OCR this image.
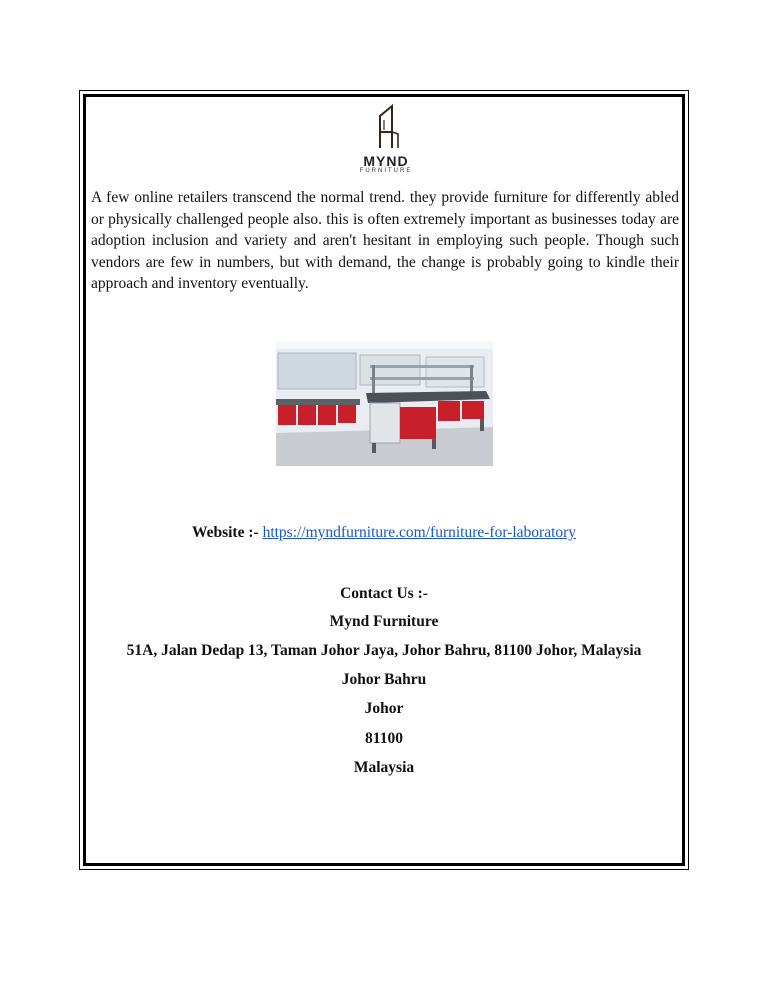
MYND
FURNITURE

A few online retailers transcend the normal trend. they provide furniture for differently abled or physically challenged people also. this is often extremely important as businesses today are adoption inclusion and variety and aren't hesitant in employing such people. Though such vendors are few in numbers, but with demand, the change is probably going to kindle their approach and inventory eventually.

Website :- https://myndfurniture.com/furniture-for-laboratory
Contact Us :-
Mynd Furniture
51A, Jalan Dedap 13, Taman Johor Jaya, Johor Bahru, 81100 Johor, Malaysia
Johor Bahru
Johor
81100
Malaysia
